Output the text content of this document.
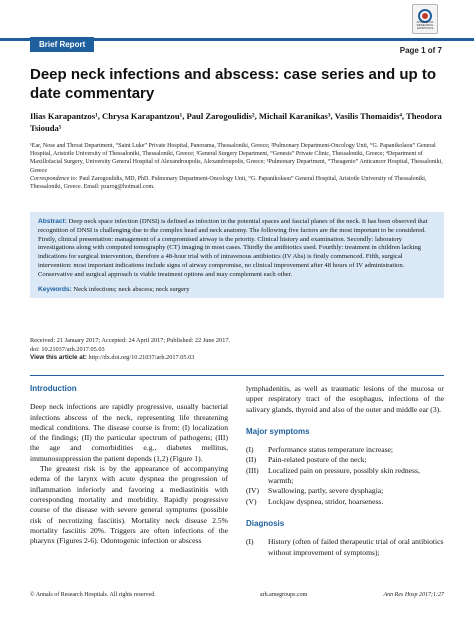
Brief Report
Page 1 of 7
ANNALS OF RESEARCH HOSPITALS
Deep neck infections and abscess: case series and up to date commentary
Ilias Karapantzos¹, Chrysa Karapantzou¹, Paul Zarogoulidis², Michail Karanikas³, Vasilis Thomaidis⁴, Theodora Tsiouda⁵
¹Ear, Nose and Throat Department, “Saint Luke” Private Hospital, Panorama, Thessaloniki, Greece; ²Pulmonary Department-Oncology Unit, “G. Papanikolaou” General Hospital, Aristotle University of Thessaloniki, Thessaloniki, Greece; ³General Surgery Department, “Genesis” Private Clinic, Thessaloniki, Greece; ⁴Department of Maxillofacial Surgery, University General Hospital of Alexandroupolis, Alexandroupolis, Greece; ⁵Pulmonary Department, “Theagenio” Anticancer Hospital, Thessaloniki, Greece
Correspondence to: Paul Zarogoulidis, MD, PhD. Pulmonary Department-Oncology Unit, “G. Papanikolaou” General Hospital, Aristotle University of Thessaloniki, Thessaloniki, Greece. Email: pzarog@hotmail.com.
Abstract: Deep neck space infection (DNSI) is defined as infection in the potential spaces and fascial planes of the neck. It has been observed that recognition of DNSI is challenging due to the complex head and neck anatomy. The following five factors are the most important to be considered. Firstly, clinical presentation: management of a compromised airway is the priority. Clinical history and examination. Secondly: laboratory investigations along with computed tomography (CT) imaging in most cases. Thirdly the antibiotics used. Fourthly: treatment in children lacking indications for surgical intervention, therefore a 48-hour trial with of intravenous antibiotics (IV Abs) is firstly commenced. Fifth, surgical intervention: most important indications include signs of airway compromise, no clinical improvement after 48 hours of IV administration. Conservative and surgical approach is viable treatment options and may complement each other.
Keywords: Neck infections; neck abscess; neck surgery
Received: 21 January 2017; Accepted: 24 April 2017; Published: 22 June 2017.
doi: 10.21037/arh.2017.05.03
View this article at: http://dx.doi.org/10.21037/arh.2017.05.03
Introduction

Deep neck infections are rapidly progressive, usually bacterial infections abscess of the neck, representing life threatening medical conditions. The disease course is from: (I) localization of the findings; (II) the particular spectrum of pathogens; (III) the age and comorbidities e.g., diabetes mellitus, immunosuppression the patient depends (1,2) (Figure 1).

The greatest risk is by the appearance of accompanying edema of the larynx with acute dyspnea the progression of inflammation inferiorly and favoring a mediastinitis with corresponding mortality and morbidity. Rapidly progressive course of the disease with severe general symptoms (possible risk of necrotizing fasciitis). Mortality neck disease 2.5% mortality fasciitis 20%. Triggers are often infections of the pharynx (Figures 2-6). Odontogenic infection or abscess

lymphadenitis, as well as traumatic lesions of the mucosa or upper respiratory tract of the esophagus, infections of the salivary glands, thyroid and also of the outer and middle ear (3).

Major symptoms
(I)	Performance status temperature increase;
(II)	Pain-related posture of the neck;
(III)	Localized pain on pressure, possibly skin redness, warmth;
(IV)	Swallowing, partly, severe dysphagia;
(V)	Lockjaw dyspnea, stridor, hoarseness.
Diagnosis
(I)	History (often of failed therapeutic trial of oral antibiotics without improvement of symptoms);
© Annals of Research Hospitals. All rights reserved.	arh.amegroups.com	Ann Res Hosp 2017;1:27
